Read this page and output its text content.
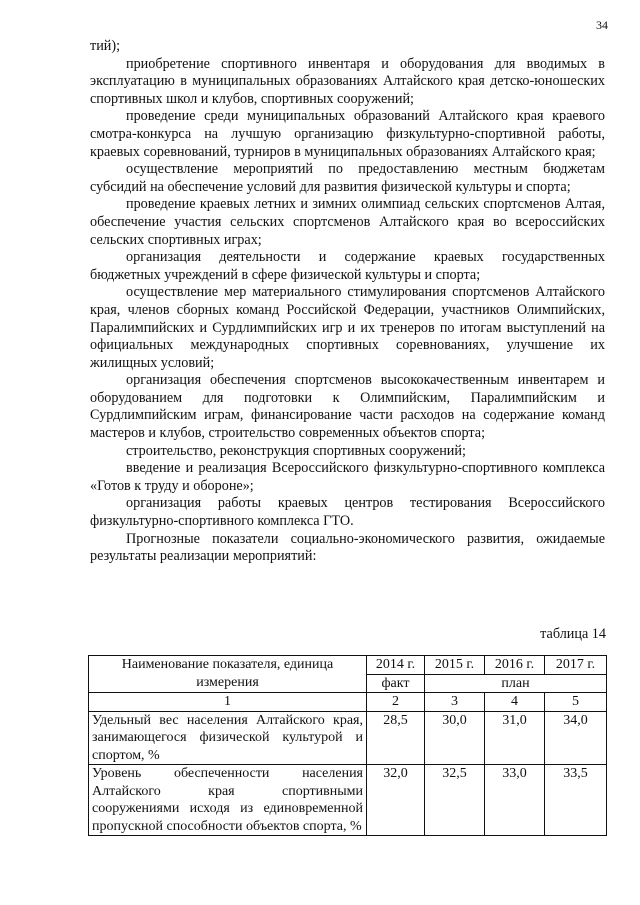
34

тий);

приобретение спортивного инвентаря и оборудования для вводимых в эксплуатацию в муниципальных образованиях Алтайского края детско-юношеских спортивных школ и клубов, спортивных сооружений;

проведение среди муниципальных образований Алтайского края краевого смотра-конкурса на лучшую организацию физкультурно-спортивной работы, краевых соревнований, турниров в муниципальных образованиях Алтайского края;

осуществление мероприятий по предоставлению местным бюджетам субсидий на обеспечение условий для развития физической культуры и спорта;

проведение краевых летних и зимних олимпиад сельских спортсменов Алтая, обеспечение участия сельских спортсменов Алтайского края во всероссийских сельских спортивных играх;

организация деятельности и содержание краевых государственных бюджетных учреждений в сфере физической культуры и спорта;

осуществление мер материального стимулирования спортсменов Алтайского края, членов сборных команд Российской Федерации, участников Олимпийских, Паралимпийских и Сурдлимпийских игр и их тренеров по итогам выступлений на официальных международных спортивных соревнованиях, улучшение их жилищных условий;

организация обеспечения спортсменов высококачественным инвентарем и оборудованием для подготовки к Олимпийским, Паралимпийским и Сурдлимпийским играм, финансирование части расходов на содержание команд мастеров и клубов, строительство современных объектов спорта;

строительство, реконструкция спортивных сооружений;

введение и реализация Всероссийского физкультурно-спортивного комплекса «Готов к труду и обороне»;

организация работы краевых центров тестирования Всероссийского физкультурно-спортивного комплекса ГТО.

Прогнозные показатели социально-экономического развития, ожидаемые результаты реализации мероприятий:

таблица 14
Наименование показателя, единица измерения	2014 г.	2015 г.	2016 г.	2017 г.
	факт	план		
1	2	3	4	5
Удельный вес населения Алтайского края, занимающегося физической культурой и спортом, %	28,5	30,0	31,0	34,0
Уровень обеспеченности населения Алтайского края спортивными сооружениями исходя из единовременной пропускной способности объектов спорта, %	32,0	32,5	33,0	33,5
